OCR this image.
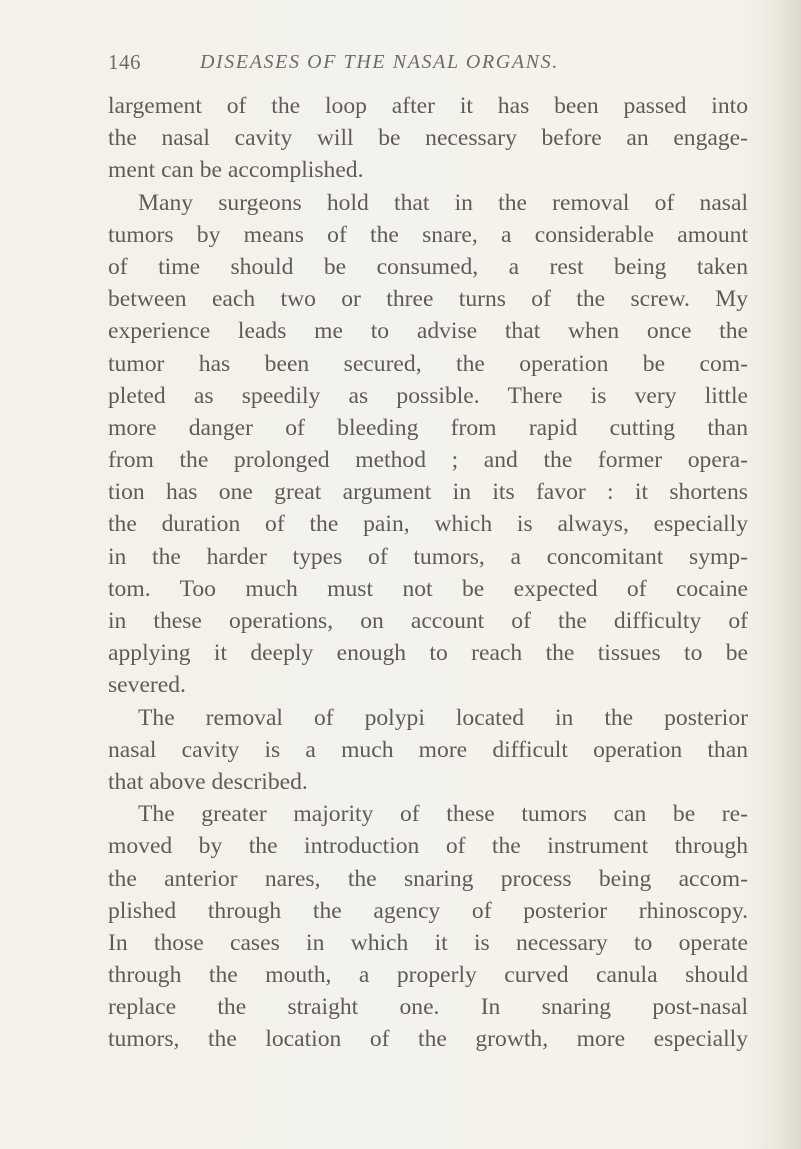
146	DISEASES OF THE NASAL ORGANS.
largement of the loop after it has been passed into
the nasal cavity will be necessary before an engage-
ment can be accomplished.
Many surgeons hold that in the removal of nasal
tumors by means of the snare, a considerable amount
of time should be consumed, a rest being taken
between each two or three turns of the screw. My
experience leads me to advise that when once the
tumor has been secured, the operation be com-
pleted as speedily as possible. There is very little
more danger of bleeding from rapid cutting than
from the prolonged method ; and the former opera-
tion has one great argument in its favor : it shortens
the duration of the pain, which is always, especially
in the harder types of tumors, a concomitant symp-
tom. Too much must not be expected of cocaine
in these operations, on account of the difficulty of
applying it deeply enough to reach the tissues to be
severed.
The removal of polypi located in the posterior
nasal cavity is a much more difficult operation than
that above described.
The greater majority of these tumors can be re-
moved by the introduction of the instrument through
the anterior nares, the snaring process being accom-
plished through the agency of posterior rhinoscopy.
In those cases in which it is necessary to operate
through the mouth, a properly curved canula should
replace the straight one. In snaring post-nasal
tumors, the location of the growth, more especially
